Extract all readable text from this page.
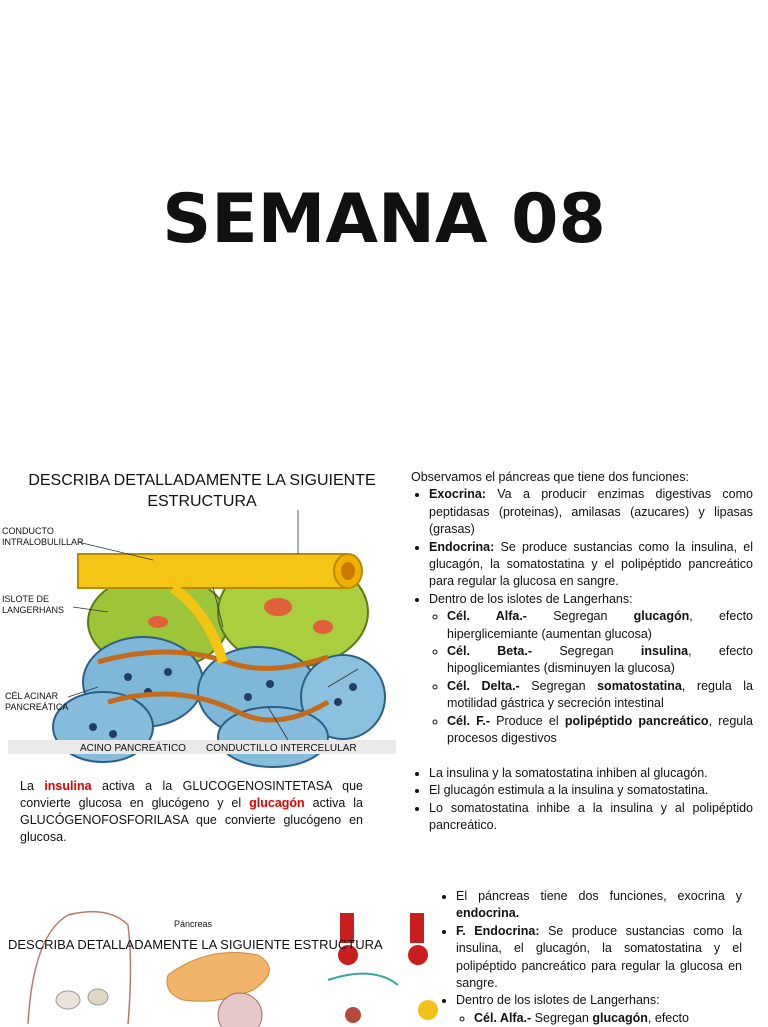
SEMANA 08
DESCRIBA DETALLADAMENTE LA SIGUIENTE
ESTRUCTURA
CONDUCTO
INTRALOBULILLAR
ISLOTE DE
LANGERHANS
CÉL ACINAR
PANCREÁTICA
ACINO PANCREÁTICO CONDUCTILLO INTERCELULAR
La insulina activa a la GLUCOGENOSINTETASA que convierte glucosa en glucógeno y el glucagón activa la GLUCÓGENOFOSFORILASA que convierte glucógeno en glucosa.
Observamos el páncreas que tiene dos funciones:
• Exocrina: Va a producir enzimas digestivas como peptidasas (proteinas), amilasas (azucares) y lipasas (grasas)
• Endocrina: Se produce sustancias como la insulina, el glucagón, la somatostatina y el polipéptido pancreático para regular la glucosa en sangre.
• Dentro de los islotes de Langerhans:
◦ Cél. Alfa.- Segregan glucagón, efecto hiperglicemiante (aumentan glucosa)
◦ Cél. Beta.- Segregan insulina, efecto hipoglicemiantes (disminuyen la glucosa)
◦ Cél. Delta.- Segregan somatostatina, regula la motilidad gástrica y secreción intestinal
◦ Cél. F.- Produce el polipéptido pancreático, regula procesos digestivos
• La insulina y la somatostatina inhiben al glucagón.
• El glucagón estimula a la insulina y somatostatina.
• Lo somatostatina inhibe a la insulina y al polipéptido pancreático.
Páncreas
DESCRIBA DETALLADAMENTE LA SIGUIENTE ESTRUCTURA
• El páncreas tiene dos funciones, exocrina y endocrina.
• F. Endocrina: Se produce sustancias como la insulina, el glucagón, la somatostatina y el polipéptido pancreático para regular la glucosa en sangre.
• Dentro de los islotes de Langerhans:
◦ Cél. Alfa.- Segregan glucagón, efecto
